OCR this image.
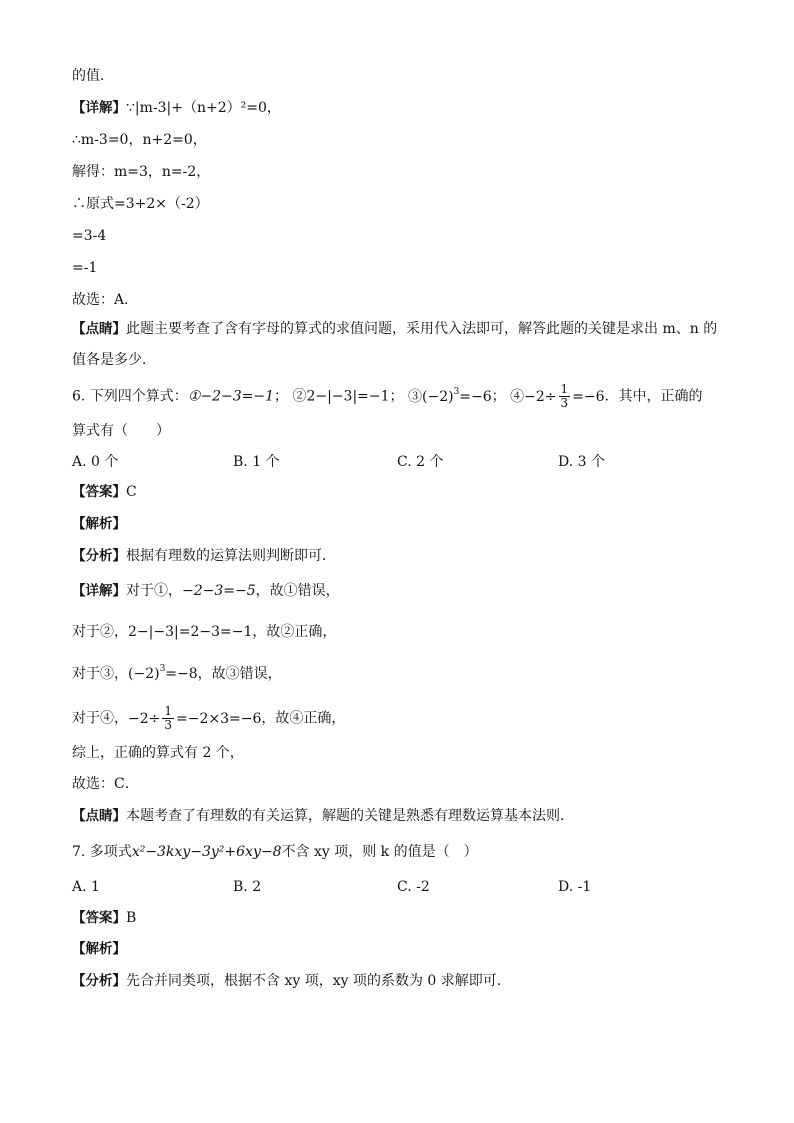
的值．
【详解】∵|m-3|+（n+2）²=0，
∴m-3=0，n+2=0，
解得：m=3，n=-2，
∴原式=3+2×（-2）
=3-4
=-1
故选：A．
【点睛】此题主要考查了含有字母的算式的求值问题，采用代入法即可，解答此题的关键是求出 m、n 的
值各是多少．
6. 下列四个算式：①−2−3=−1； ②2−|−3|=−1； $③(-2)^3=-6$； ④−2÷ $\frac{1}{3} =-6$．其中，正确的
算式有（　　）
A. 0 个	B. 1 个	C. 2 个	D. 3 个
【答案】C
【解析】
【分析】根据有理数的运算法则判断即可．
【详解】对于①，−2−3=−5，故①错误，
对于②，2−|−3|=2−3=−1，故②正确，
对于③，$(-2)^3=-8$，故③错误，
对于④，$-2\div \frac{1}{3} =-2\times 3=-6$，故④正确，
综上，正确的算式有 2 个，
故选：C．
【点睛】本题考查了有理数的有关运算，解题的关键是熟悉有理数运算基本法则．
7. 多项式x²−3kxy−3y²+6xy−8不含 xy 项，则 k 的值是（　）
A. 1	B. 2	C. -2	D. -1
【答案】B
【解析】
【分析】先合并同类项，根据不含 xy 项，xy 项的系数为 0 求解即可.
